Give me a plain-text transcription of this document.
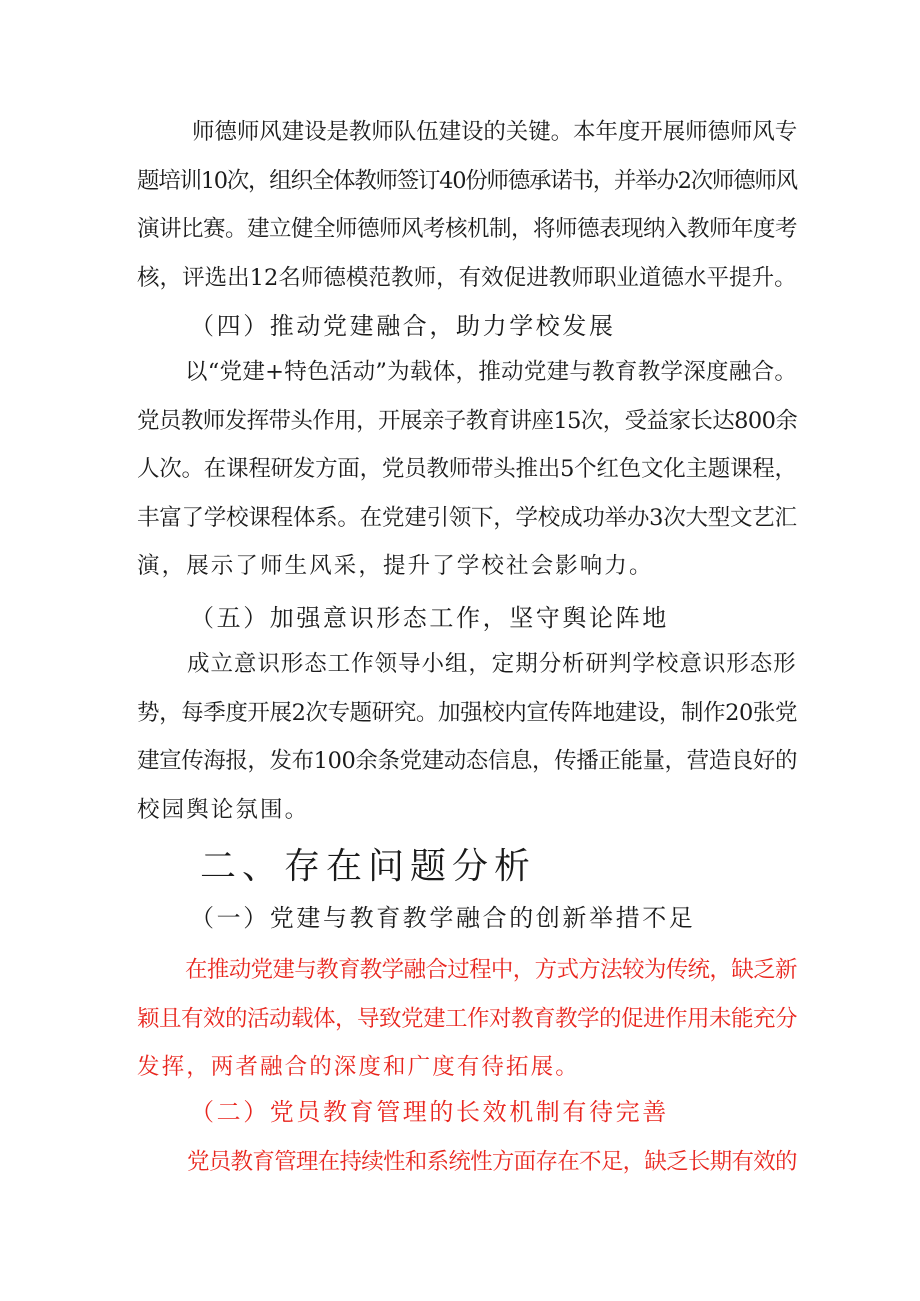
师德师风建设是教师队伍建设的关键。本年度开展师德师风专
题培训10次，组织全体教师签订40份师德承诺书，并举办2次师德师风
演讲比赛。建立健全师德师风考核机制，将师德表现纳入教师年度考
核，评选出12名师德模范教师，有效促进教师职业道德水平提升。
（四）推动党建融合，助力学校发展
以“党建+特色活动”为载体，推动党建与教育教学深度融合。
党员教师发挥带头作用，开展亲子教育讲座15次，受益家长达800余
人次。在课程研发方面，党员教师带头推出5个红色文化主题课程，
丰富了学校课程体系。在党建引领下，学校成功举办3次大型文艺汇
演，展示了师生风采，提升了学校社会影响力。
（五）加强意识形态工作，坚守舆论阵地
成立意识形态工作领导小组，定期分析研判学校意识形态形
势，每季度开展2次专题研究。加强校内宣传阵地建设，制作20张党
建宣传海报，发布100余条党建动态信息，传播正能量，营造良好的
校园舆论氛围。
二、存在问题分析
（一）党建与教育教学融合的创新举措不足
在推动党建与教育教学融合过程中，方式方法较为传统，缺乏新
颖且有效的活动载体，导致党建工作对教育教学的促进作用未能充分
发挥，两者融合的深度和广度有待拓展。
（二）党员教育管理的长效机制有待完善
党员教育管理在持续性和系统性方面存在不足，缺乏长期有效的
